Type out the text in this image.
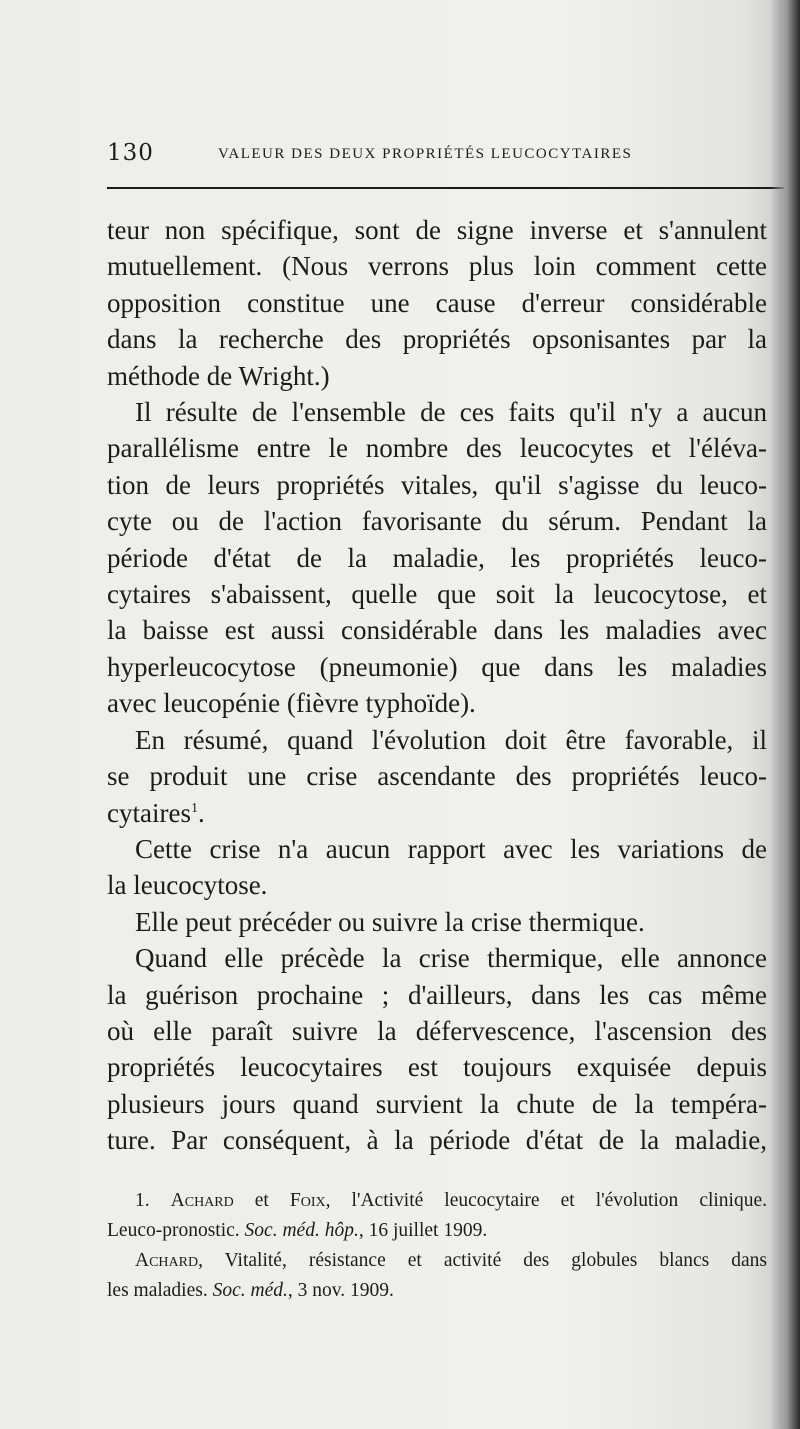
130	VALEUR DES DEUX PROPRIÉTÉS LEUCOCYTAIRES
teur non spécifique, sont de signe inverse et s'annulent
mutuellement. (Nous verrons plus loin comment cette
opposition constitue une cause d'erreur considérable
dans la recherche des propriétés opsonisantes par la
méthode de Wright.)
Il résulte de l'ensemble de ces faits qu'il n'y a aucun
parallélisme entre le nombre des leucocytes et l'éléva-
tion de leurs propriétés vitales, qu'il s'agisse du leuco-
cyte ou de l'action favorisante du sérum. Pendant la
période d'état de la maladie, les propriétés leuco-
cytaires s'abaissent, quelle que soit la leucocytose, et
la baisse est aussi considérable dans les maladies avec
hyperleucocytose (pneumonie) que dans les maladies
avec leucopénie (fièvre typhoïde).
En résumé, quand l'évolution doit être favorable, il
se produit une crise ascendante des propriétés leuco-
cytaires$^1$.
Cette crise n'a aucun rapport avec les variations de
la leucocytose.
Elle peut précéder ou suivre la crise thermique.
Quand elle précède la crise thermique, elle annonce
la guérison prochaine ; d'ailleurs, dans les cas même
où elle paraît suivre la défervescence, l'ascension des
propriétés leucocytaires est toujours exquisée depuis
plusieurs jours quand survient la chute de la tempéra-
ture. Par conséquent, à la période d'état de la maladie,
1. Achard et Foix, l'Activité leucocytaire et l'évolution clinique.
Leuco-pronostic. Soc. méd. hôp., 16 juillet 1909.
Achard, Vitalité, résistance et activité des globules blancs dans
les maladies. Soc. méd., 3 nov. 1909.
